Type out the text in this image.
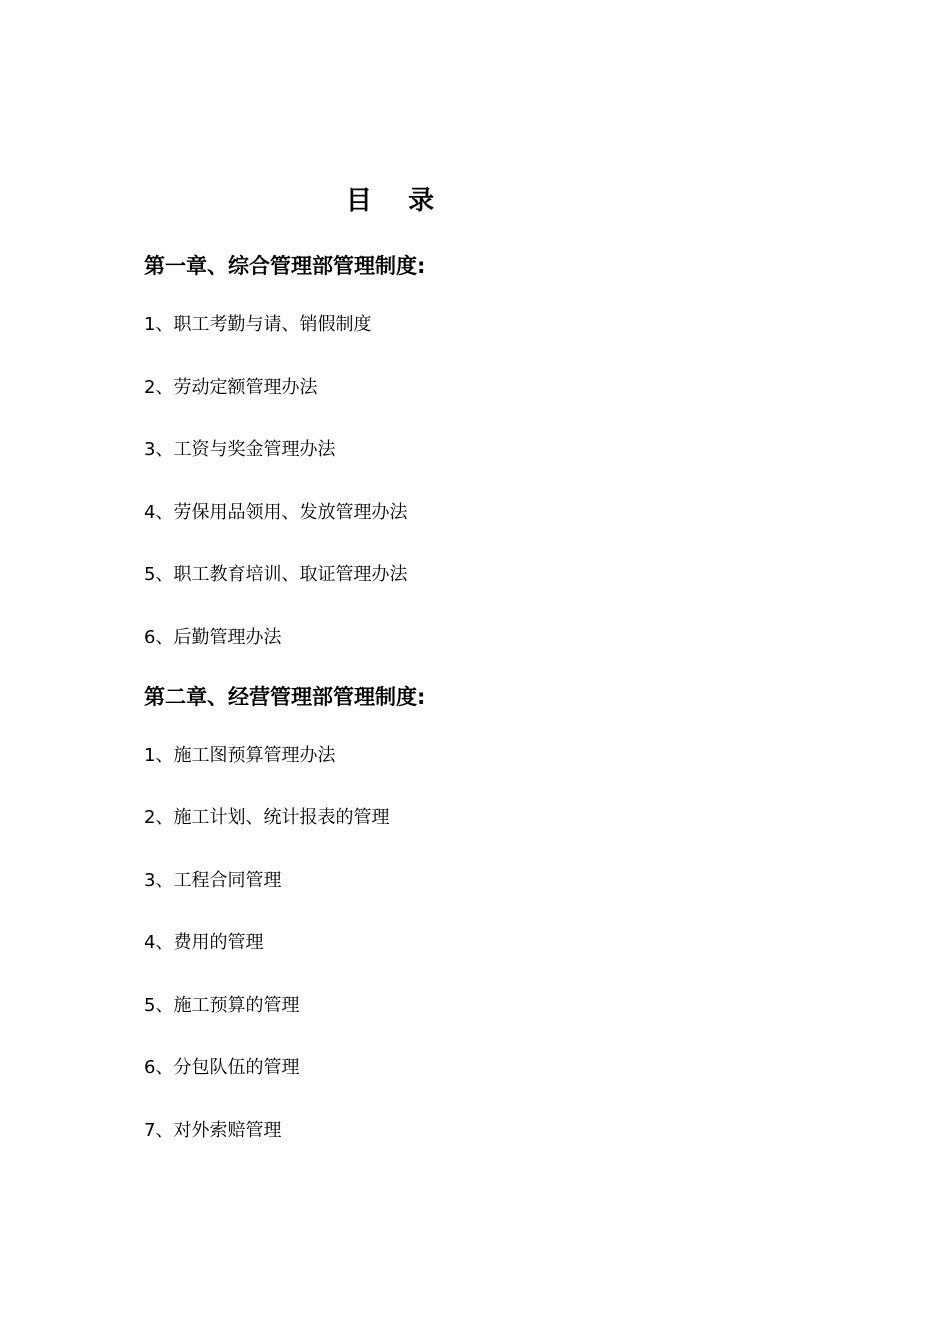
目    录
第一章、综合管理部管理制度:
1、职工考勤与请、销假制度
2、劳动定额管理办法
3、工资与奖金管理办法
4、劳保用品领用、发放管理办法
5、职工教育培训、取证管理办法
6、后勤管理办法
第二章、经营管理部管理制度:
1、施工图预算管理办法
2、施工计划、统计报表的管理
3、工程合同管理
4、费用的管理
5、施工预算的管理
6、分包队伍的管理
7、对外索赔管理
